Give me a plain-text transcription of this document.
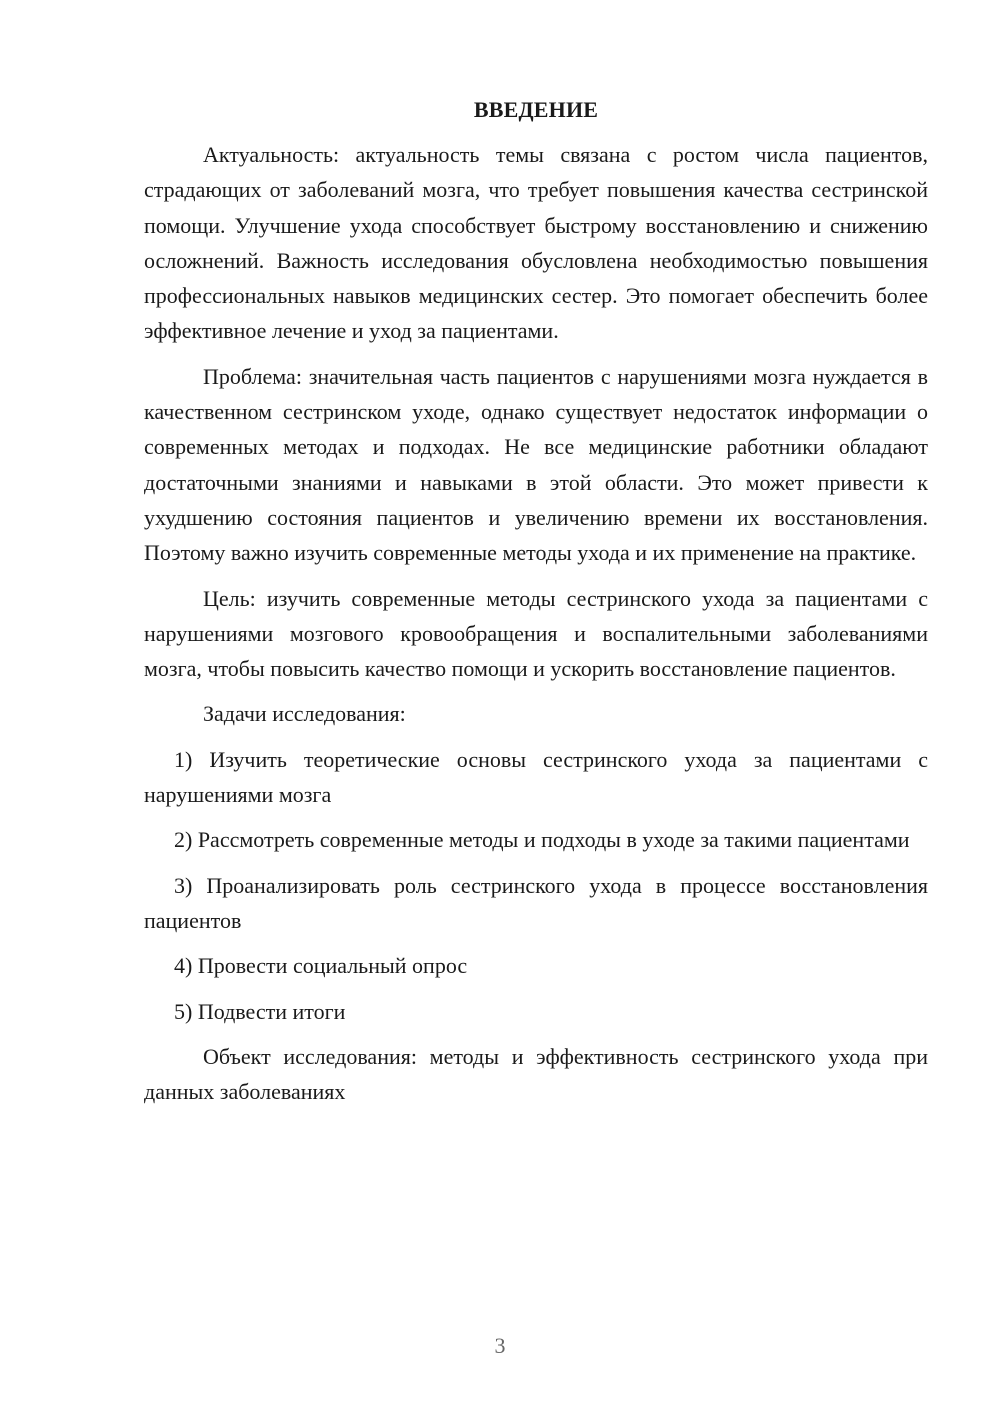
ВВЕДЕНИЕ

Актуальность: актуальность темы связана с ростом числа пациентов, страдающих от заболеваний мозга, что требует повышения качества сестринской помощи. Улучшение ухода способствует быстрому восстановлению и снижению осложнений. Важность исследования обусловлена необходимостью повышения профессиональных навыков медицинских сестер. Это помогает обеспечить более эффективное лечение и уход за пациентами.

Проблема: значительная часть пациентов с нарушениями мозга нуждается в качественном сестринском уходе, однако существует недостаток информации о современных методах и подходах. Не все медицинские работники обладают достаточными знаниями и навыками в этой области. Это может привести к ухудшению состояния пациентов и увеличению времени их восстановления. Поэтому важно изучить современные методы ухода и их применение на практике.

Цель: изучить современные методы сестринского ухода за пациентами с нарушениями мозгового кровообращения и воспалительными заболеваниями мозга, чтобы повысить качество помощи и ускорить восстановление пациентов.

Задачи исследования:

1) Изучить теоретические основы сестринского ухода за пациентами с нарушениями мозга

2) Рассмотреть современные методы и подходы в уходе за такими пациентами

3) Проанализировать роль сестринского ухода в процессе восстановления пациентов

4) Провести социальный опрос

5) Подвести итоги

Объект исследования: методы и эффективность сестринского ухода при данных заболеваниях

3
